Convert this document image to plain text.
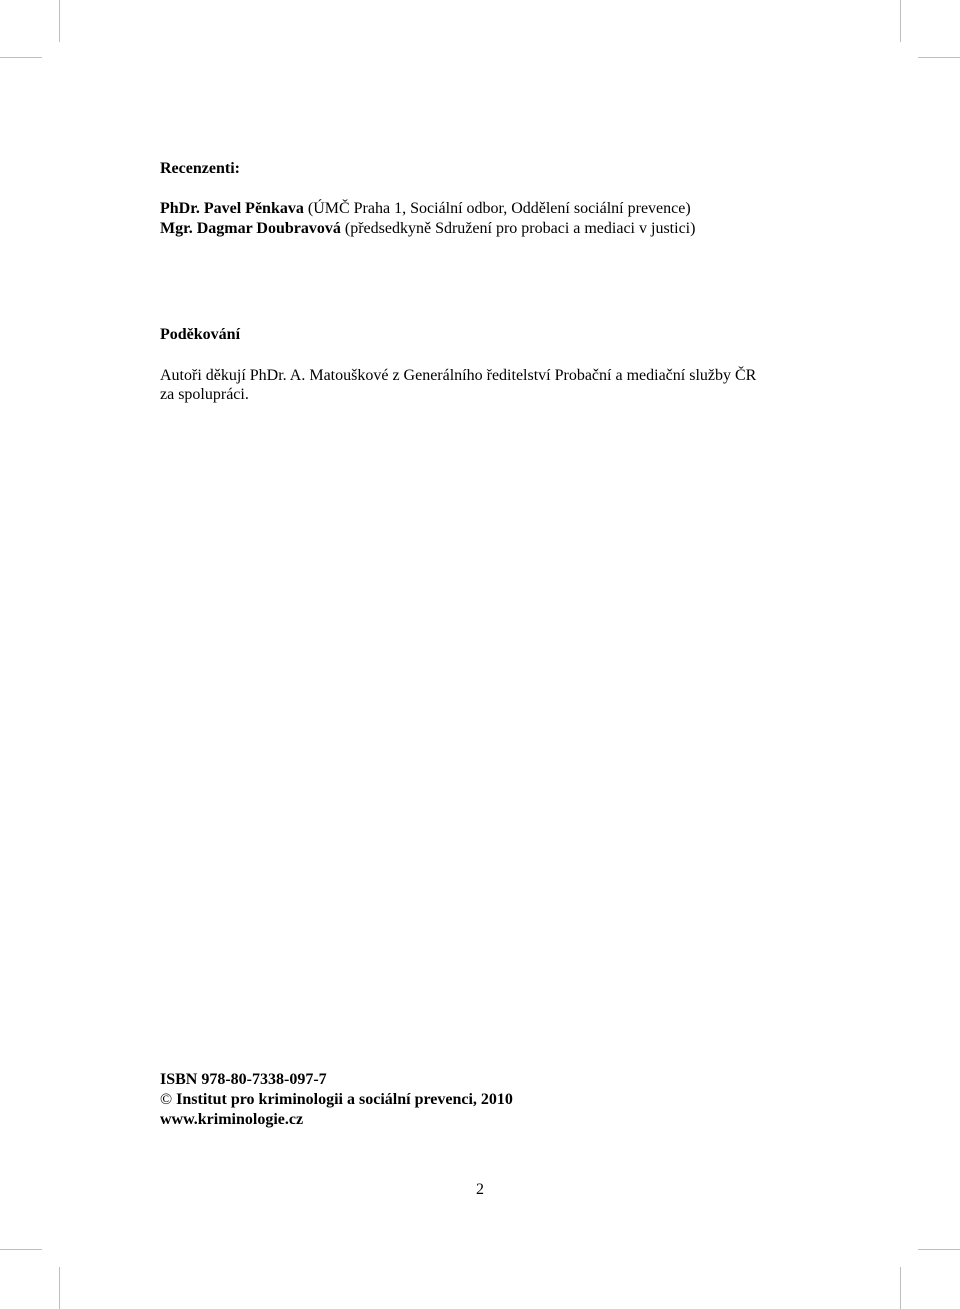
Recenzenti:
PhDr. Pavel Pěnkava (ÚMČ Praha 1, Sociální odbor, Oddělení sociální prevence)
Mgr. Dagmar Doubravová (předsedkyně Sdružení pro probaci a mediaci v justici)
Poděkování
Autoři děkují PhDr. A. Matouškové z Generálního ředitelství Probační a mediační služby ČR
za spolupráci.
ISBN 978-80-7338-097-7
© Institut pro kriminologii a sociální prevenci, 2010
www.kriminologie.cz
2
